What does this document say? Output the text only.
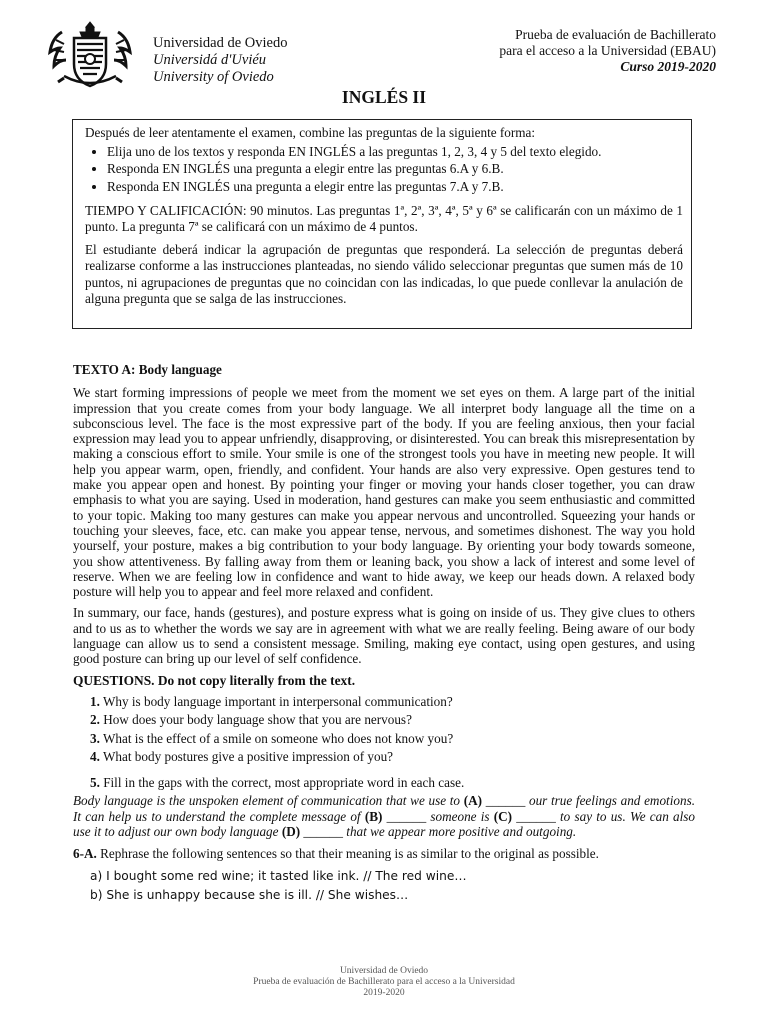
Universidad de Oviedo
Universidá d'Uviéu
University of Oviedo
Prueba de evaluación de Bachillerato
para el acceso a la Universidad (EBAU)
Curso 2019-2020
INGLÉS II

Después de leer atentamente el examen, combine las preguntas de la siguiente forma:

• Elija uno de los textos y responda EN INGLÉS a las preguntas 1, 2, 3, 4 y 5 del texto elegido.
• Responda EN INGLÉS una pregunta a elegir entre las preguntas 6.A y 6.B.
• Responda EN INGLÉS una pregunta a elegir entre las preguntas 7.A y 7.B.

TIEMPO Y CALIFICACIÓN: 90 minutos. Las preguntas 1ª, 2ª, 3ª, 4ª, 5ª y 6ª se calificarán con un máximo de 1 punto. La pregunta 7ª se calificará con un máximo de 4 puntos.

El estudiante deberá indicar la agrupación de preguntas que responderá. La selección de preguntas deberá realizarse conforme a las instrucciones planteadas, no siendo válido seleccionar preguntas que sumen más de 10 puntos, ni agrupaciones de preguntas que no coincidan con las indicadas, lo que puede conllevar la anulación de alguna pregunta que se salga de las instrucciones.

TEXTO A: Body language

We start forming impressions of people we meet from the moment we set eyes on them. A large part of the initial impression that you create comes from your body language. We all interpret body language all the time on a subconscious level. The face is the most expressive part of the body. If you are feeling anxious, then your facial expression may lead you to appear unfriendly, disapproving, or disinterested. You can break this misrepresentation by making a conscious effort to smile. Your smile is one of the strongest tools you have in meeting new people. It will help you appear warm, open, friendly, and confident. Your hands are also very expressive. Open gestures tend to make you appear open and honest. By pointing your finger or moving your hands closer together, you can draw emphasis to what you are saying. Used in moderation, hand gestures can make you seem enthusiastic and committed to your topic. Making too many gestures can make you appear nervous and uncontrolled. Squeezing your hands or touching your sleeves, face, etc. can make you appear tense, nervous, and sometimes dishonest. The way you hold yourself, your posture, makes a big contribution to your body language. By orienting your body towards someone, you show attentiveness. By falling away from them or leaning back, you show a lack of interest and some level of reserve. When we are feeling low in confidence and want to hide away, we keep our heads down. A relaxed body posture will help you to appear and feel more relaxed and confident.

In summary, our face, hands (gestures), and posture express what is going on inside of us. They give clues to others and to us as to whether the words we say are in agreement with what we are really feeling. Being aware of our body language can allow us to send a consistent message. Smiling, making eye contact, using open gestures, and using good posture can bring up our level of self confidence.

QUESTIONS. Do not copy literally from the text.

1. Why is body language important in interpersonal communication?
2. How does your body language show that you are nervous?
3. What is the effect of a smile on someone who does not know you?
4. What body postures give a positive impression of you?

5. Fill in the gaps with the correct, most appropriate word in each case.

Body language is the unspoken element of communication that we use to (A) ______ our true feelings and emotions. It can help us to understand the complete message of (B) ______ someone is (C) ______ to say to us. We can also use it to adjust our own body language (D) ______ that we appear more positive and outgoing.

6-A. Rephrase the following sentences so that their meaning is as similar to the original as possible.

a) I bought some red wine; it tasted like ink. // The red wine…
b) She is unhappy because she is ill. // She wishes…
Universidad de Oviedo
Prueba de evaluación de Bachillerato para el acceso a la Universidad
2019-2020
